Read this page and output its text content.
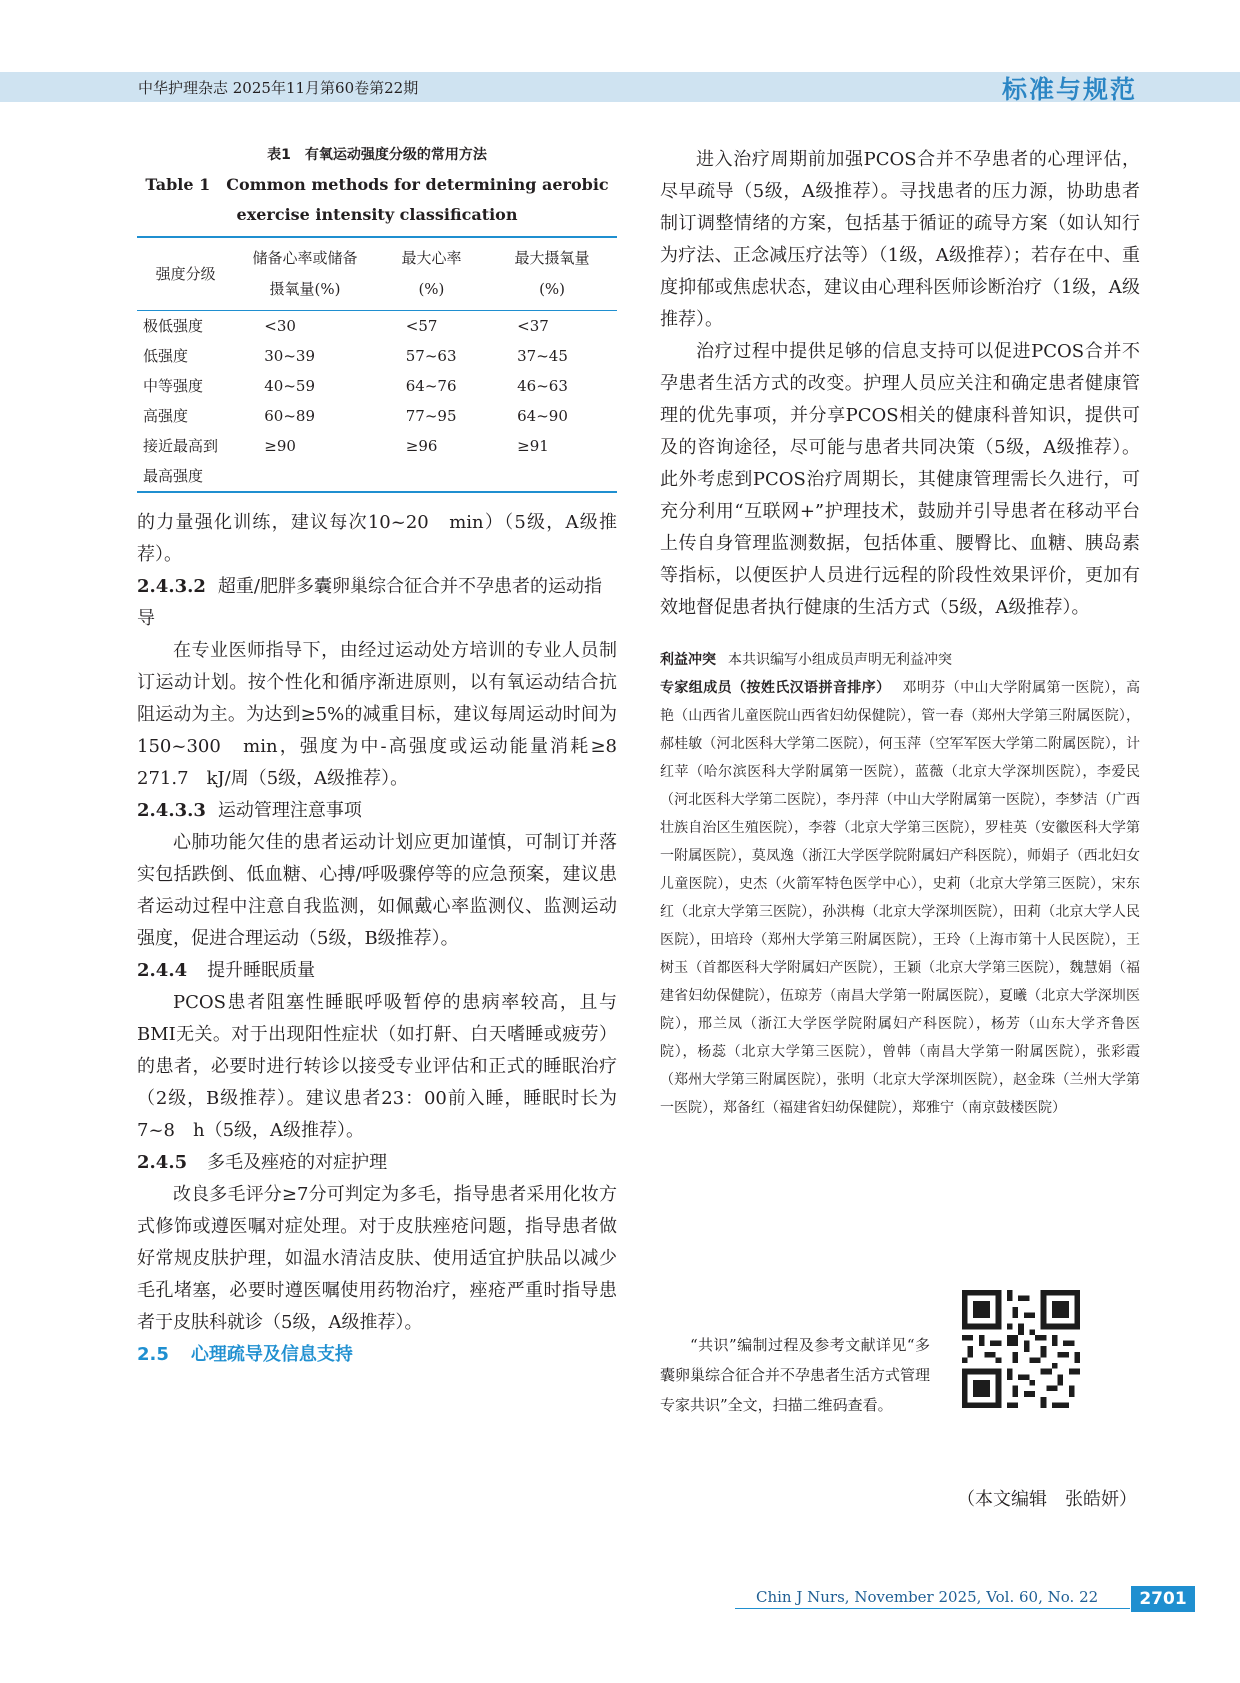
中华护理杂志 2025年11月第60卷第22期	标准与规范
表1　有氧运动强度分级的常用方法
Table 1　Common methods for determining aerobic exercise intensity classification
强度分级	储备心率或储备摄氧量(%)	最大心率(%)	最大摄氧量(%)

极低强度	<30	<57	<37
低强度	30~39	57~63	37~45
中等强度	40~59	64~76	46~63
高强度	60~89	77~95	64~90
接近最高到最高强度	≥90	≥96	≥91

的力量强化训练，建议每次10~20　min）（5级，A级推荐）。

2.4.3.2 超重/肥胖多囊卵巢综合征合并不孕患者的运动指导

在专业医师指导下，由经过运动处方培训的专业人员制订运动计划。按个性化和循序渐进原则，以有氧运动结合抗阻运动为主。为达到≥5%的减重目标，建议每周运动时间为150~300　min，强度为中-高强度或运动能量消耗≥8 271.7　kJ/周（5级，A级推荐）。

2.4.3.3 运动管理注意事项

心肺功能欠佳的患者运动计划应更加谨慎，可制订并落实包括跌倒、低血糖、心搏/呼吸骤停等的应急预案，建议患者运动过程中注意自我监测，如佩戴心率监测仪、监测运动强度，促进合理运动（5级，B级推荐）。

2.4.4 提升睡眠质量

PCOS患者阻塞性睡眠呼吸暂停的患病率较高，且与BMI无关。对于出现阳性症状（如打鼾、白天嗜睡或疲劳）的患者，必要时进行转诊以接受专业评估和正式的睡眠治疗（2级，B级推荐）。建议患者23：00前入睡，睡眠时长为7~8　h（5级，A级推荐）。

2.4.5 多毛及痤疮的对症护理

改良多毛评分≥7分可判定为多毛，指导患者采用化妆方式修饰或遵医嘱对症处理。对于皮肤痤疮问题，指导患者做好常规皮肤护理，如温水清洁皮肤、使用适宜护肤品以减少毛孔堵塞，必要时遵医嘱使用药物治疗，痤疮严重时指导患者于皮肤科就诊（5级，A级推荐）。

2.5 心理疏导及信息支持

进入治疗周期前加强PCOS合并不孕患者的心理评估，尽早疏导（5级，A级推荐）。寻找患者的压力源，协助患者制订调整情绪的方案，包括基于循证的疏导方案（如认知行为疗法、正念减压疗法等）（1级，A级推荐）；若存在中、重度抑郁或焦虑状态，建议由心理科医师诊断治疗（1级，A级推荐）。

治疗过程中提供足够的信息支持可以促进PCOS合并不孕患者生活方式的改变。护理人员应关注和确定患者健康管理的优先事项，并分享PCOS相关的健康科普知识，提供可及的咨询途径，尽可能与患者共同决策（5级，A级推荐）。此外考虑到PCOS治疗周期长，其健康管理需长久进行，可充分利用“互联网+”护理技术，鼓励并引导患者在移动平台上传自身管理监测数据，包括体重、腰臀比、血糖、胰岛素等指标，以便医护人员进行远程的阶段性效果评价，更加有效地督促患者执行健康的生活方式（5级，A级推荐）。

利益冲突 本共识编写小组成员声明无利益冲突

专家组成员（按姓氏汉语拼音排序） 邓明芬（中山大学附属第一医院），高艳（山西省儿童医院山西省妇幼保健院），管一春（郑州大学第三附属医院），郝桂敏（河北医科大学第二医院），何玉萍（空军军医大学第二附属医院），计红苹（哈尔滨医科大学附属第一医院），蓝薇（北京大学深圳医院），李爱民（河北医科大学第二医院），李丹萍（中山大学附属第一医院），李梦洁（广西壮族自治区生殖医院），李蓉（北京大学第三医院），罗桂英（安徽医科大学第一附属医院），莫凤逸（浙江大学医学院附属妇产科医院），师娟子（西北妇女儿童医院），史杰（火箭军特色医学中心），史莉（北京大学第三医院），宋东红（北京大学第三医院），孙洪梅（北京大学深圳医院），田莉（北京大学人民医院），田培玲（郑州大学第三附属医院），王玲（上海市第十人民医院），王树玉（首都医科大学附属妇产医院），王颖（北京大学第三医院），魏慧娟（福建省妇幼保健院），伍琼芳（南昌大学第一附属医院），夏曦（北京大学深圳医院），邢兰凤（浙江大学医学院附属妇产科医院），杨芳（山东大学齐鲁医院），杨蕊（北京大学第三医院），曾韩（南昌大学第一附属医院），张彩霞（郑州大学第三附属医院），张明（北京大学深圳医院），赵金珠（兰州大学第一医院），郑备红（福建省妇幼保健院），郑雅宁（南京鼓楼医院）

“共识”编制过程及参考文献详见“多囊卵巢综合征合并不孕患者生活方式管理专家共识”全文，扫描二维码查看。

（本文编辑　张皓妍）
Chin J Nurs, November 2025, Vol. 60, No. 22	2701
